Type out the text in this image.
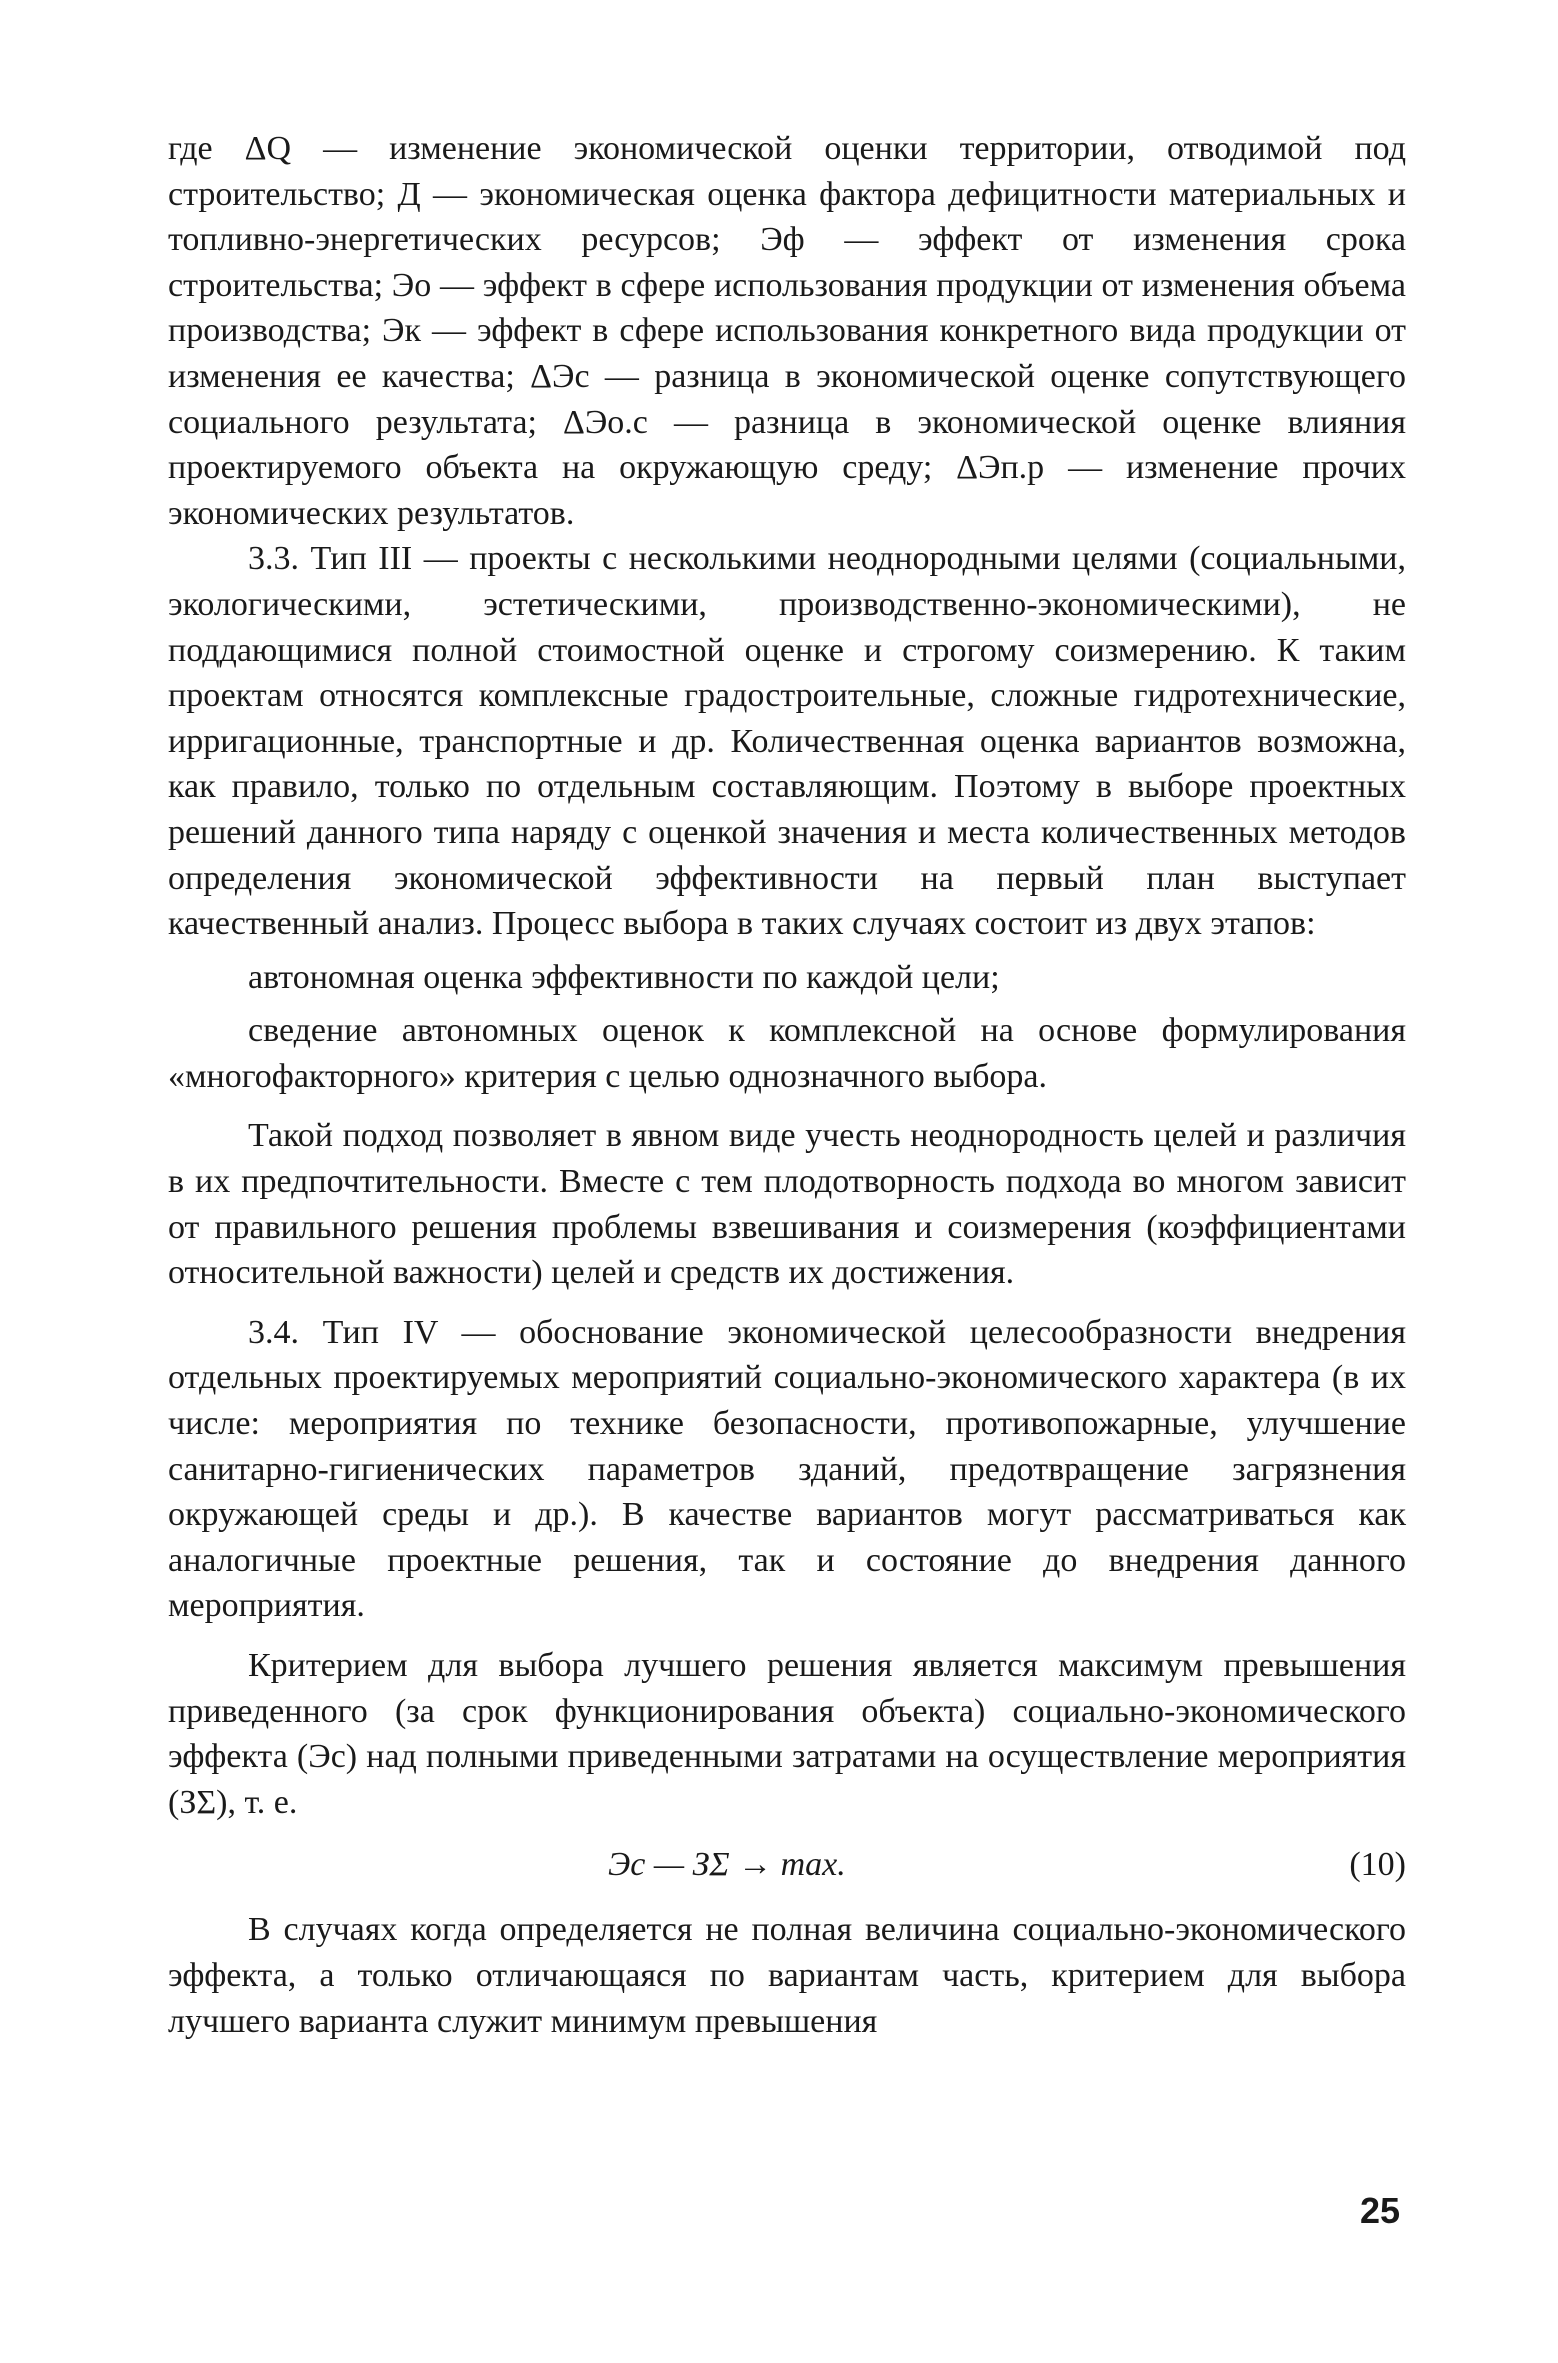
где ΔQ — изменение экономической оценки территории, отводимой под строительство; Д — экономическая оценка фактора дефицитности материальных и топливно-энергетических ресурсов; Эф — эффект от изменения срока строительства; Эо — эффект в сфере использования продукции от изменения объема производства; Эк — эффект в сфере использования конкретного вида продукции от изменения ее качества; ΔЭс — разница в экономической оценке сопутствующего социального результата; ΔЭо.с — разница в экономической оценке влияния проектируемого объекта на окружающую среду; ΔЭп.р — изменение прочих экономических результатов.

3.3. Тип III — проекты с несколькими неоднородными целями (социальными, экологическими, эстетическими, производственно-экономическими), не поддающимися полной стоимостной оценке и строгому соизмерению. К таким проектам относятся комплексные градостроительные, сложные гидротехнические, ирригационные, транспортные и др. Количественная оценка вариантов возможна, как правило, только по отдельным составляющим. Поэтому в выборе проектных решений данного типа наряду с оценкой значения и места количественных методов определения экономической эффективности на первый план выступает качественный анализ. Процесс выбора в таких случаях состоит из двух этапов:

автономная оценка эффективности по каждой цели;

сведение автономных оценок к комплексной на основе формулирования «многофакторного» критерия с целью однозначного выбора.

Такой подход позволяет в явном виде учесть неоднородность целей и различия в их предпочтительности. Вместе с тем плодотворность подхода во многом зависит от правильного решения проблемы взвешивания и соизмерения (коэффициентами относительной важности) целей и средств их достижения.

3.4. Тип IV — обоснование экономической целесообразности внедрения отдельных проектируемых мероприятий социально-экономического характера (в их числе: мероприятия по технике безопасности, противопожарные, улучшение санитарно-гигиенических параметров зданий, предотвращение загрязнения окружающей среды и др.). В качестве вариантов могут рассматриваться как аналогичные проектные решения, так и состояние до внедрения данного мероприятия.

Критерием для выбора лучшего решения является максимум превышения приведенного (за срок функционирования объекта) социально-экономического эффекта (Эс) над полными приведенными затратами на осуществление мероприятия (ЗΣ), т. е.

Эс — ЗΣ → max.	(10)

В случаях когда определяется не полная величина социально-экономического эффекта, а только отличающаяся по вариантам часть, критерием для выбора лучшего варианта служит минимум превышения

25
